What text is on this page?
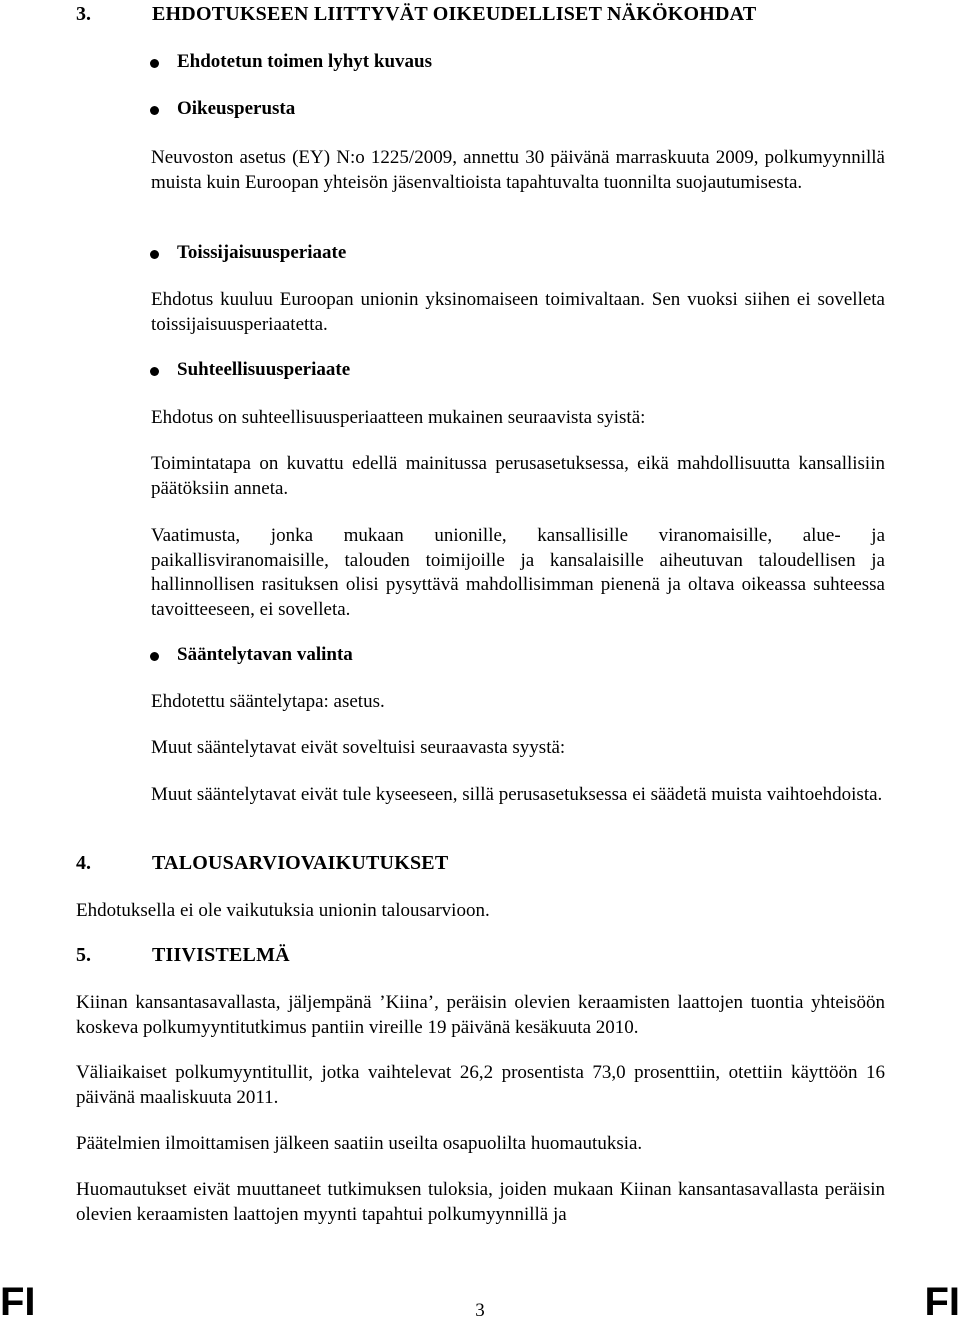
3.	EHDOTUKSEEN LIITTYVÄT OIKEUDELLISET NÄKÖKOHDAT
Ehdotetun toimen lyhyt kuvaus
Oikeusperusta
Neuvoston asetus (EY) N:o 1225/2009, annettu 30 päivänä marraskuuta 2009, polkumyynnillä muista kuin Euroopan yhteisön jäsenvaltioista tapahtuvalta tuonnilta suojautumisesta.
Toissijaisuusperiaate
Ehdotus kuuluu Euroopan unionin yksinomaiseen toimivaltaan. Sen vuoksi siihen ei sovelleta toissijaisuusperiaatetta.
Suhteellisuusperiaate
Ehdotus on suhteellisuusperiaatteen mukainen seuraavista syistä:
Toimintatapa on kuvattu edellä mainitussa perusasetuksessa, eikä mahdollisuutta kansallisiin päätöksiin anneta.
Vaatimusta, jonka mukaan unionille, kansallisille viranomaisille, alue- ja paikallisviranomaisille, talouden toimijoille ja kansalaisille aiheutuvan taloudellisen ja hallinnollisen rasituksen olisi pysyttävä mahdollisimman pienenä ja oltava oikeassa suhteessa tavoitteeseen, ei sovelleta.
Sääntelytavan valinta
Ehdotettu sääntelytapa: asetus.
Muut sääntelytavat eivät soveltuisi seuraavasta syystä:
Muut sääntelytavat eivät tule kyseeseen, sillä perusasetuksessa ei säädetä muista vaihtoehdoista.
4.	TALOUSARVIOVAIKUTUKSET
Ehdotuksella ei ole vaikutuksia unionin talousarvioon.
5.	TIIVISTELMÄ
Kiinan kansantasavallasta, jäljempänä ’Kiina’, peräisin olevien keraamisten laattojen tuontia yhteisöön koskeva polkumyyntitutkimus pantiin vireille 19 päivänä kesäkuuta 2010.
Väliaikaiset polkumyyntitullit, jotka vaihtelevat 26,2 prosentista 73,0 prosenttiin, otettiin käyttöön 16 päivänä maaliskuuta 2011.
Päätelmien ilmoittamisen jälkeen saatiin useilta osapuolilta huomautuksia.
Huomautukset eivät muuttaneet tutkimuksen tuloksia, joiden mukaan Kiinan kansantasavallasta peräisin olevien keraamisten laattojen myynti tapahtui polkumyynnillä ja
FI	3	FI
